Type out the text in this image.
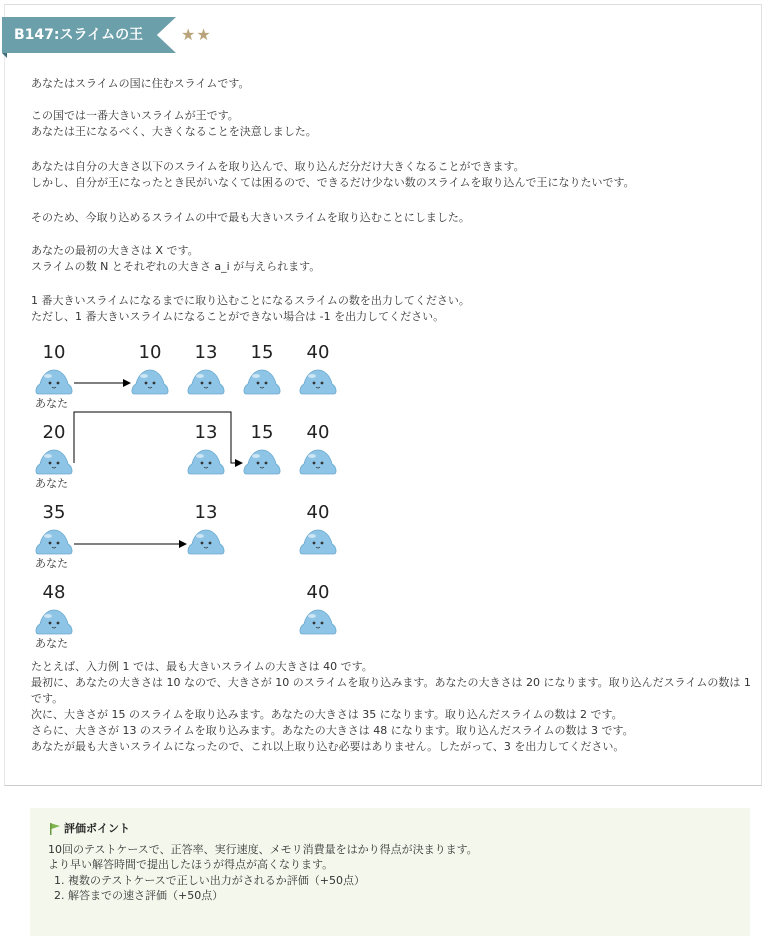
B147:スライムの王 ★★

あなたはスライムの国に住むスライムです。

この国では一番大きいスライムが王です。
あなたは王になるべく、大きくなることを決意しました。

あなたは自分の大きさ以下のスライムを取り込んで、取り込んだ分だけ大きくなることができます。
しかし、自分が王になったとき民がいなくては困るので、できるだけ少ない数のスライムを取り込んで王になりたいです。

そのため、今取り込めるスライムの中で最も大きいスライムを取り込むことにしました。

あなたの最初の大きさは X です。
スライムの数 N とそれぞれの大きさ a_i が与えられます。

1 番大きいスライムになるまでに取り込むことになるスライムの数を出力してください。
ただし、1 番大きいスライムになることができない場合は -1 を出力してください。

10
あなた
10	13	15	40
20
あなた
13	15	40
35
あなた
13	40
48
あなた
40

たとえば、入力例 1 では、最も大きいスライムの大きさは 40 です。
最初に、あなたの大きさは 10 なので、大きさが 10 のスライムを取り込みます。あなたの大きさは 20 になります。取り込んだスライムの数は 1 です。
次に、大きさが 15 のスライムを取り込みます。あなたの大きさは 35 になります。取り込んだスライムの数は 2 です。
さらに、大きさが 13 のスライムを取り込みます。あなたの大きさは 48 になります。取り込んだスライムの数は 3 です。
あなたが最も大きいスライムになったので、これ以上取り込む必要はありません。したがって、3 を出力してください。

評価ポイント
10回のテストケースで、正答率、実行速度、メモリ消費量をはかり得点が決まります。
より早い解答時間で提出したほうが得点が高くなります。
1. 複数のテストケースで正しい出力がされるか評価（+50点）
2. 解答までの速さ評価（+50点）
